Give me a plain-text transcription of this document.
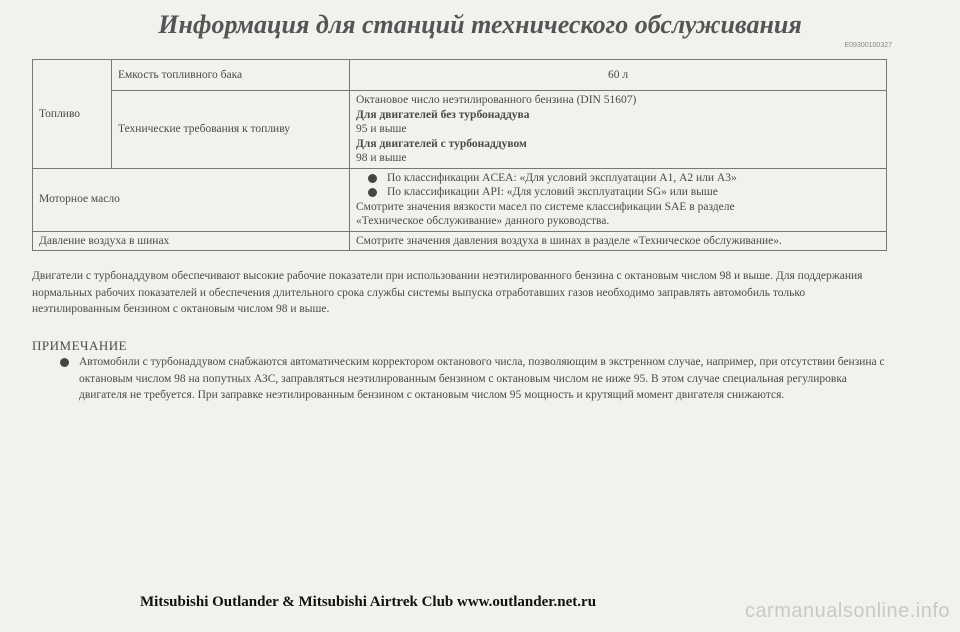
Информация для станций технического обслуживания
E09300100327
Топливо	Емкость топливного бака	60 л
	Технические требования к топливу	Октановое число неэтилированного бензина (DIN 51607)
Для двигателей без турбонаддува
95 и выше
Для двигателей с турбонаддувом
98 и выше

Моторное масло		По классификации ACEA: «Для условий эксплуатации А1, А2 или А3»
По классификации API: «Для условий эксплуатации SG» или выше
Смотрите значения вязкости масел по системе классификации SAE в разделе
«Техническое обслуживание» данного руководства.

Давление воздуха в шинах		Смотрите значения давления воздуха в шинах в разделе «Техническое обслуживание».

Двигатели с турбонаддувом обеспечивают высокие рабочие показатели при использовании неэтилированного бензина с октановым числом 98 и выше. Для поддержания нормальных рабочих показателей и обеспечения длительного срока службы системы выпуска отработавших газов необходимо заправлять автомобиль только неэтилированным бензином с октановым числом 98 и выше.

ПРИМЕЧАНИЕ
Автомобили с турбонаддувом снабжаются автоматическим корректором октанового числа, позволяющим в экстренном случае, например, при отсутствии бензина с октановым числом 98 на попутных АЗС, заправляться неэтилированным бензином с октановым числом не ниже 95. В этом случае специальная регулировка двигателя не требуется. При заправке неэтилированным бензином с октановым числом 95 мощность и крутящий момент двигателя снижаются.
Mitsubishi Outlander & Mitsubishi Airtrek Club www.outlander.net.ru	carmanualsonline.info
